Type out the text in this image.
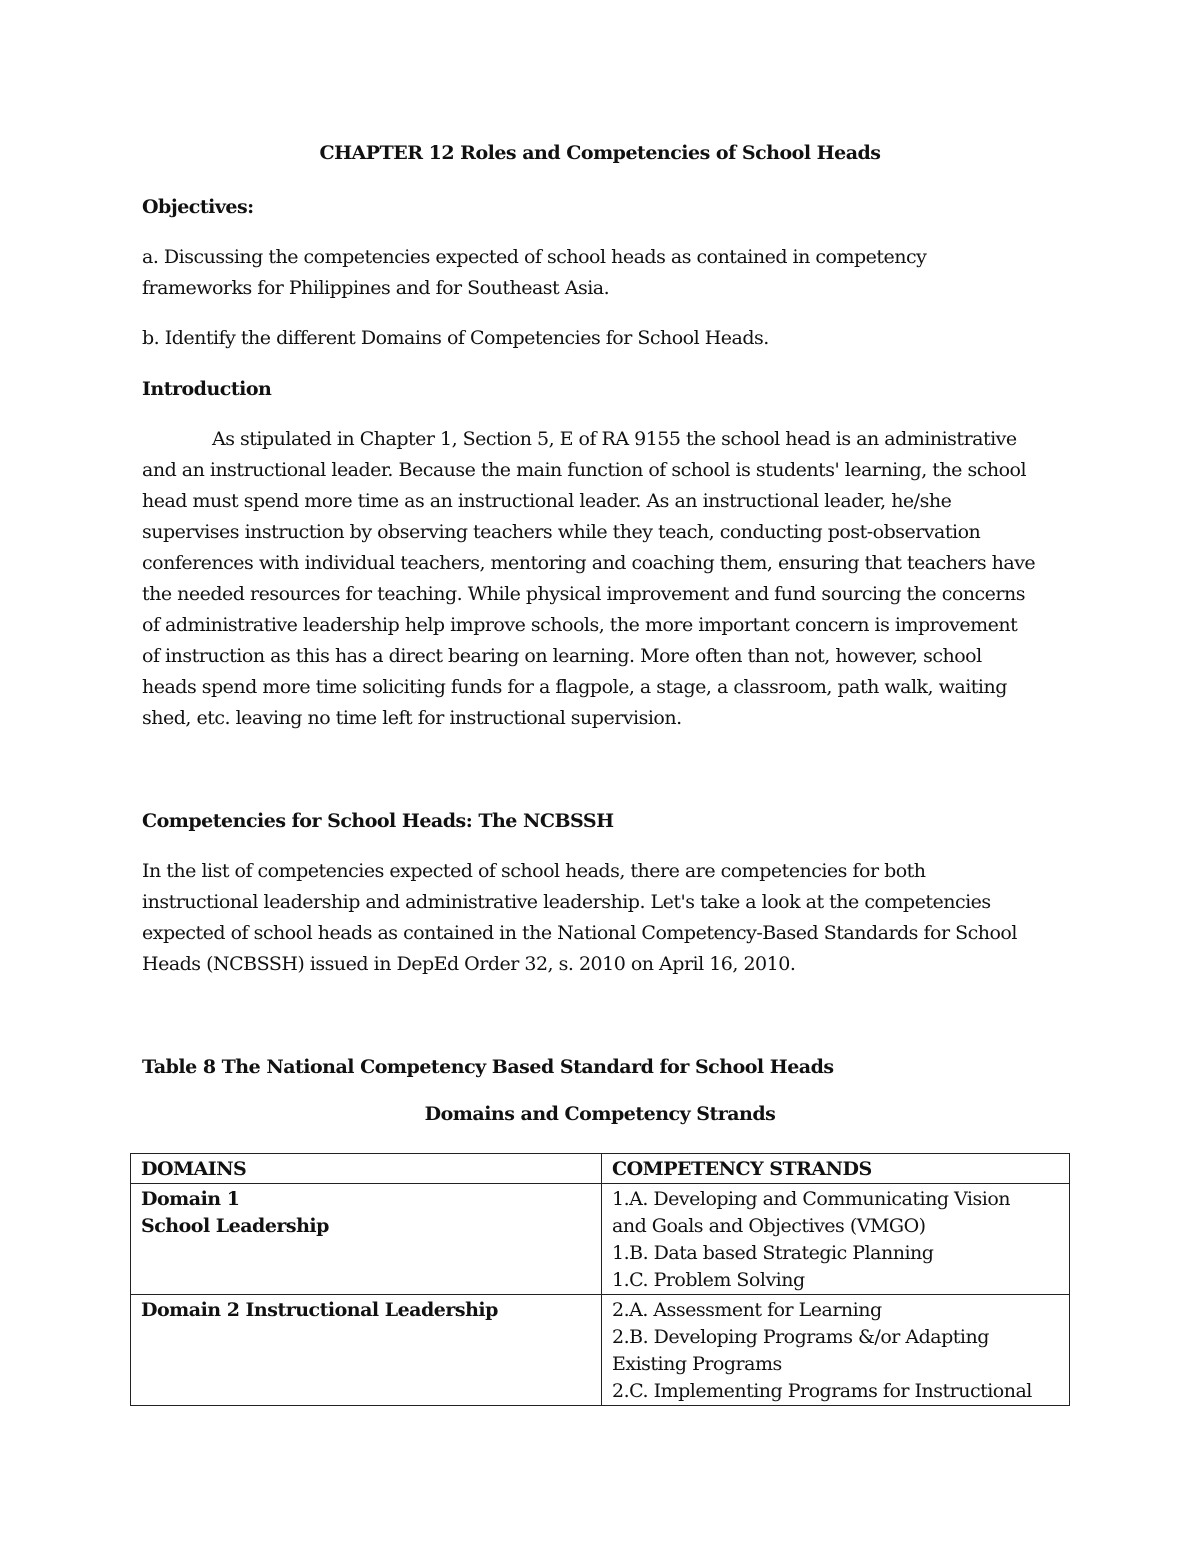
CHAPTER 12 Roles and Competencies of School Heads
Objectives:
a. Discussing the competencies expected of school heads as contained in competency
frameworks for Philippines and for Southeast Asia.
b. Identify the different Domains of Competencies for School Heads.
Introduction

As stipulated in Chapter 1, Section 5, E of RA 9155 the school head is an administrative

and an instructional leader. Because the main function of school is students' learning, the school

head must spend more time as an instructional leader. As an instructional leader, he/she

supervises instruction by observing teachers while they teach, conducting post-observation

conferences with individual teachers, mentoring and coaching them, ensuring that teachers have

the needed resources for teaching. While physical improvement and fund sourcing the concerns

of administrative leadership help improve schools, the more important concern is improvement

of instruction as this has a direct bearing on learning. More often than not, however, school

heads spend more time soliciting funds for a flagpole, a stage, a classroom, path walk, waiting

shed, etc. leaving no time left for instructional supervision.

Competencies for School Heads: The NCBSSH

In the list of competencies expected of school heads, there are competencies for both

instructional leadership and administrative leadership. Let's take a look at the competencies

expected of school heads as contained in the National Competency-Based Standards for School

Heads (NCBSSH) issued in DepEd Order 32, s. 2010 on April 16, 2010.

Table 8 The National Competency Based Standard for School Heads
Domains and Competency Strands
DOMAINS	COMPETENCY STRANDS

Domain 1
School Leadership	1.A. Developing and Communicating Vision
and Goals and Objectives (VMGO)
1.B. Data based Strategic Planning
1.C. Problem Solving

Domain 2 Instructional Leadership	2.A. Assessment for Learning
2.B. Developing Programs &/or Adapting
Existing Programs
2.C. Implementing Programs for Instructional
